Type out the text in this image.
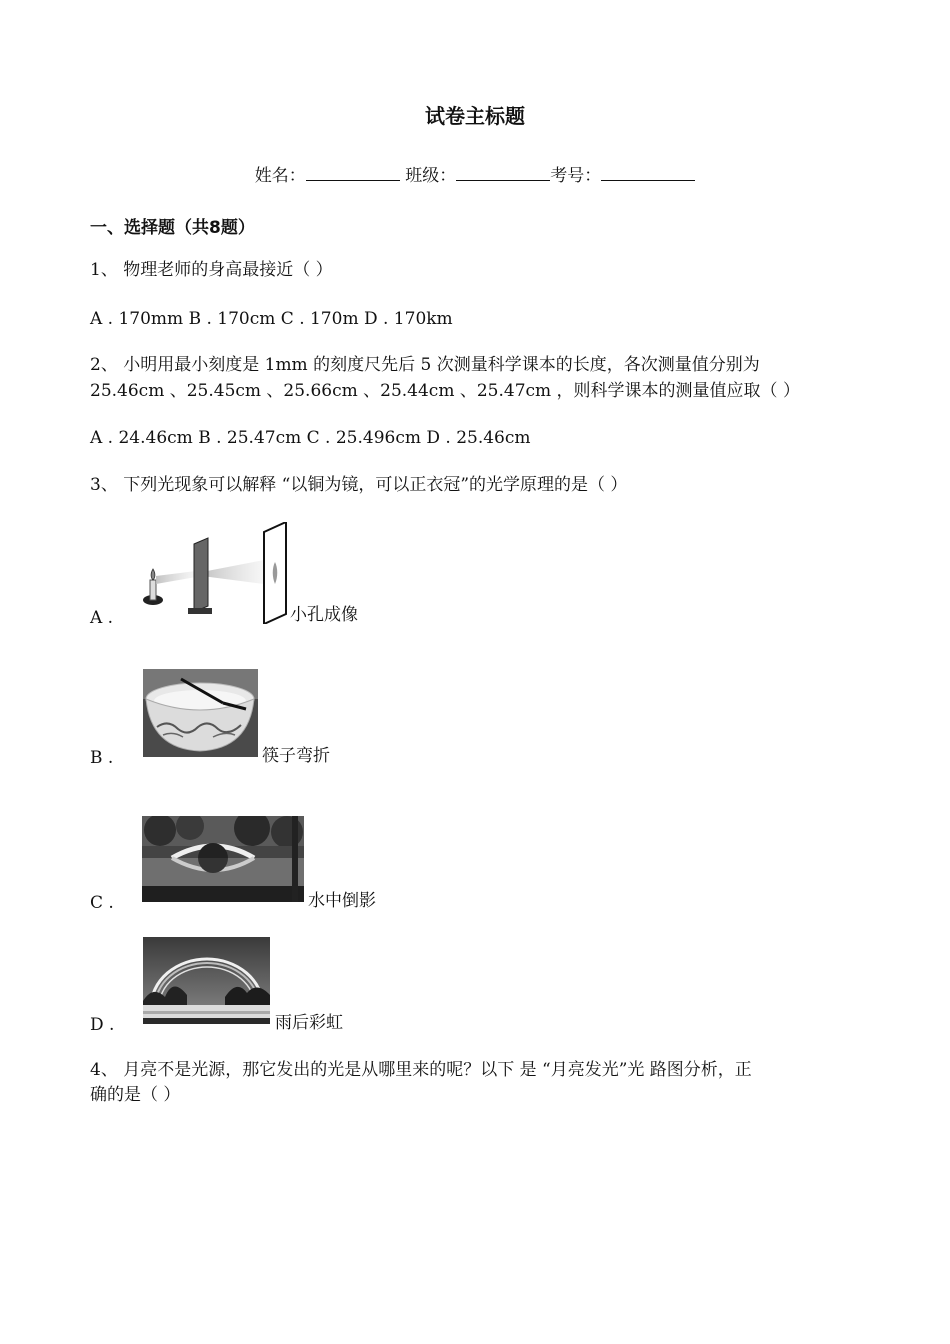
试卷主标题
姓名：	班级：	考号：
一、选择题（共8题）
1、 物理老师的身高最接近（ ）
A . 170mm B . 170cm C . 170m D . 170km
2、 小明用最小刻度是 1mm 的刻度尺先后 5 次测量科学课本的长度，各次测量值分别为
25.46cm 、25.45cm 、25.66cm 、25.44cm 、25.47cm ，则科学课本的测量值应取（ ）
A . 24.46cm B . 25.47cm C . 25.496cm D . 25.46cm
3、 下列光现象可以解释 “以铜为镜，可以正衣冠”的光学原理的是（ ）
A .	小孔成像
B .	筷子弯折
C .	水中倒影
D .	雨后彩虹
4、 月亮不是光源，那它发出的光是从哪里来的呢？以下 是 “月亮发光”光 路图分析，正
确的是（ ）
